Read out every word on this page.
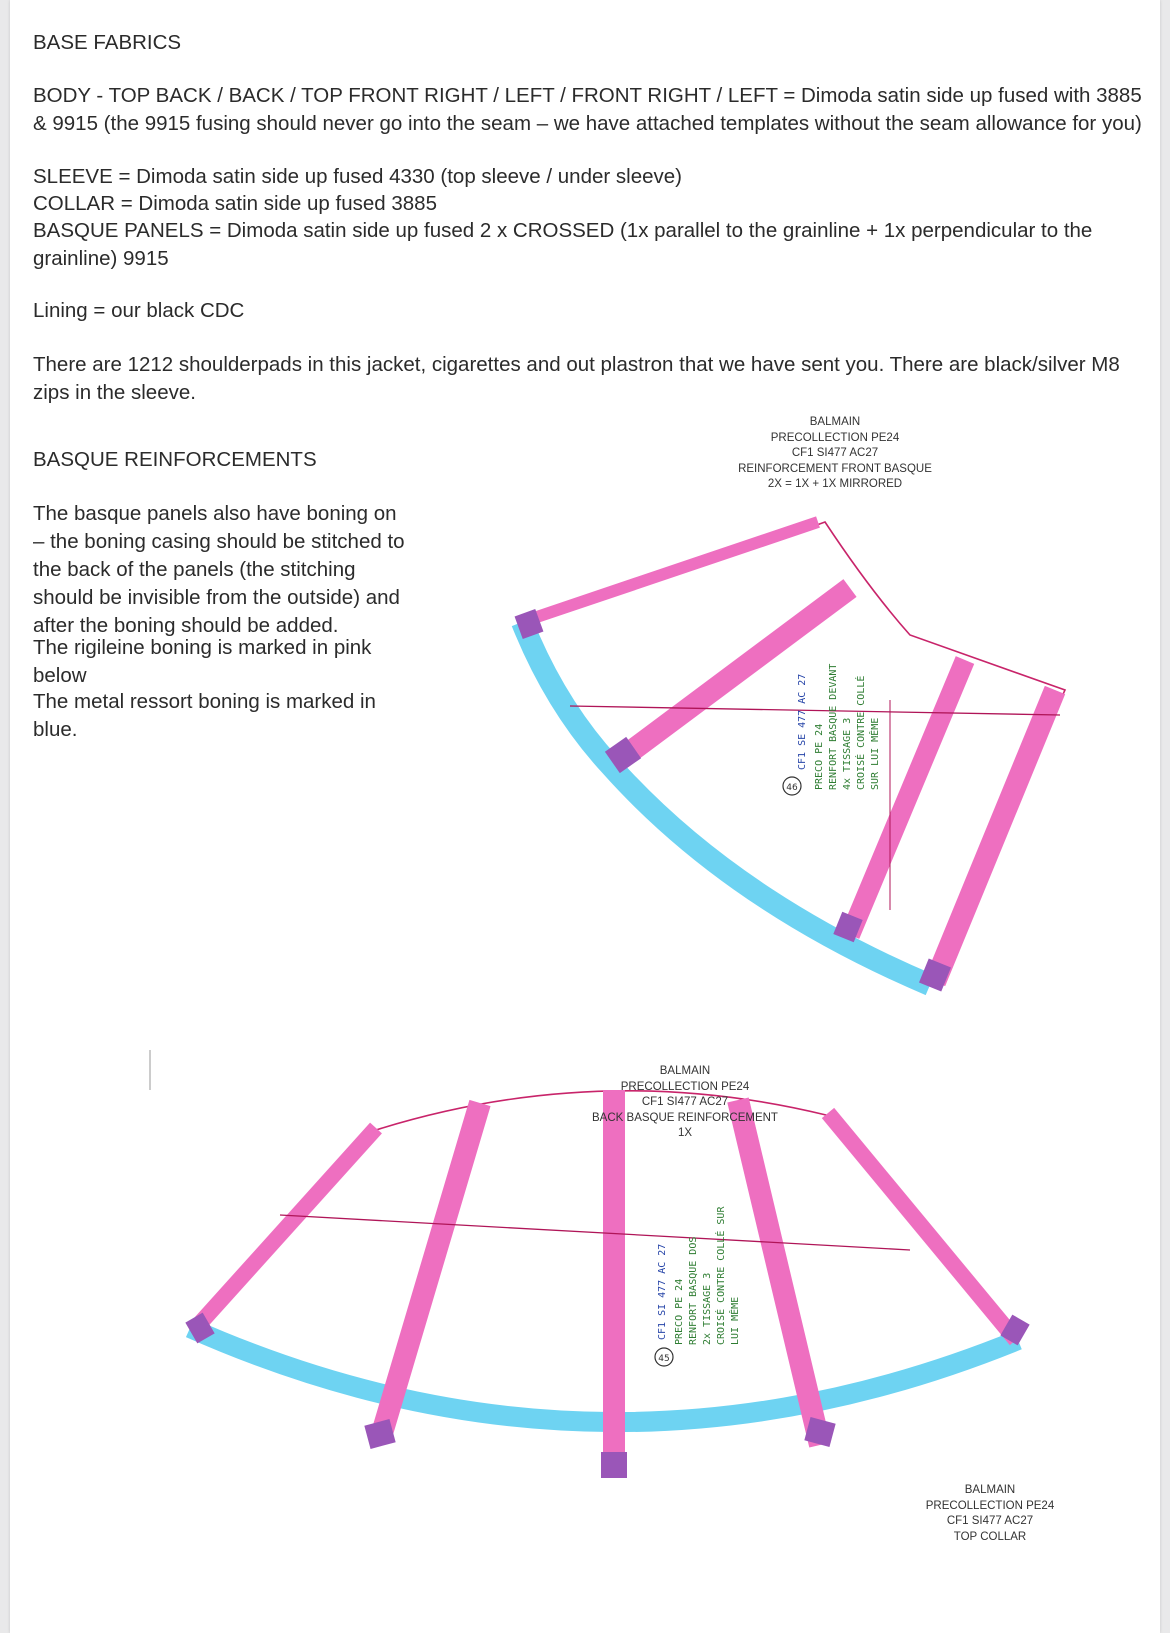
BASE FABRICS

BODY - TOP BACK / BACK / TOP FRONT RIGHT / LEFT / FRONT RIGHT / LEFT = Dimoda satin side up fused with 3885 & 9915 (the 9915 fusing should never go into the seam – we have attached templates without the seam allowance for you)

SLEEVE = Dimoda satin side up fused 4330 (top sleeve / under sleeve)

COLLAR = Dimoda satin side up fused 3885

BASQUE PANELS = Dimoda satin side up fused 2 x CROSSED (1x parallel to the grainline + 1x perpendicular to the grainline) 9915

Lining = our black CDC

There are 1212 shoulderpads in this jacket, cigarettes and out plastron that we have sent you. There are black/silver M8 zips in the sleeve.

BASQUE REINFORCEMENTS

The basque panels also have boning on – the boning casing should be stitched to the back of the panels (the stitching should be invisible from the outside) and after the boning should be added.

The rigileine boning is marked in pink below

The metal ressort boning is marked in blue.

46
CF1 SE 477 AC 27 PRECO PE 24 RENFORT BASQUE DEVANT 4x TISSAGE 3 CROISÉ CONTRE COLLÉ SUR LUI MÊME
45
CF1 SI 477 AC 27 PRECO PE 24 RENFORT BASQUE DOS 2x TISSAGE 3 CROISÉ CONTRE COLLÉ SUR LUI MÊME
BALMAIN
PRECOLLECTION PE24
CF1 SI477 AC27
REINFORCEMENT FRONT BASQUE
2X = 1X + 1X MIRRORED
BALMAIN
PRECOLLECTION PE24
CF1 SI477 AC27
BACK BASQUE REINFORCEMENT
1X
BALMAIN
PRECOLLECTION PE24
CF1 SI477 AC27
TOP COLLAR
